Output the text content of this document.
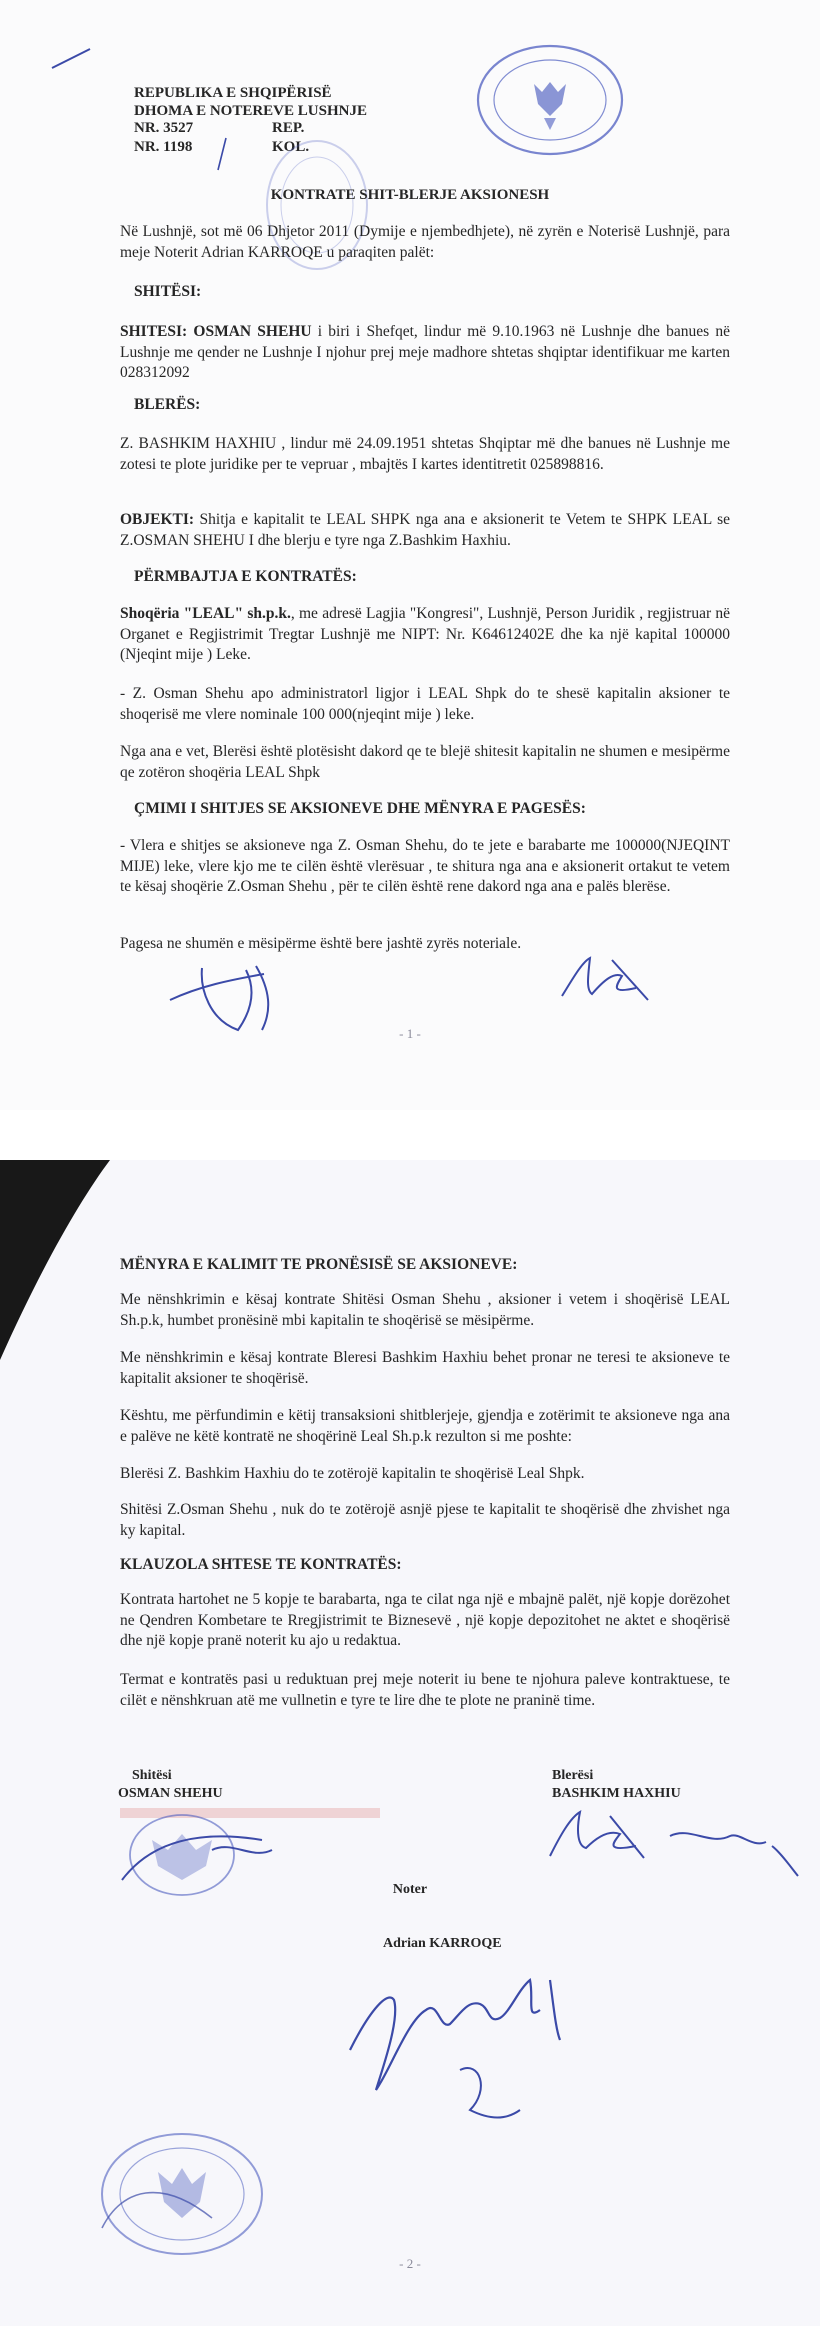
REPUBLIKA E SHQIPËRISË
DHOMA E NOTEREVE LUSHNJE
NR. 3527	REP.
NR. 1198	KOL.
KONTRATE SHIT-BLERJE AKSIONESH

Në Lushnjë, sot më 06 Dhjetor 2011 (Dymije e njembedhjete), në zyrën e Noterisë Lushnjë, para meje Noterit Adrian KARROQE u paraqiten palët:

SHITËSI:

SHITESI: OSMAN SHEHU i biri i Shefqet, lindur më 9.10.1963 në Lushnje dhe banues në Lushnje me qender ne Lushnje I njohur prej meje madhore shtetas shqiptar identifikuar me karten 028312092

BLERËS:

Z. BASHKIM HAXHIU , lindur më 24.09.1951 shtetas Shqiptar më dhe banues në Lushnje me zotesi te plote juridike per te vepruar , mbajtës I kartes identitretit 025898816.

OBJEKTI: Shitja e kapitalit te LEAL SHPK nga ana e aksionerit te Vetem te SHPK LEAL se Z.OSMAN SHEHU I dhe blerju e tyre nga Z.Bashkim Haxhiu.

PËRMBAJTJA E KONTRATËS:

Shoqëria "LEAL" sh.p.k., me adresë Lagjia "Kongresi", Lushnjë, Person Juridik , regjistruar në Organet e Regjistrimit Tregtar Lushnjë me NIPT: Nr. K64612402E dhe ka një kapital 100000 (Njeqint mije ) Leke.

- Z. Osman Shehu apo administratorl ligjor i LEAL Shpk do te shesë kapitalin aksioner te shoqerisë me vlere nominale 100 000(njeqint mije ) leke.

Nga ana e vet, Blerësi është plotësisht dakord qe te blejë shitesit kapitalin ne shumen e mesipërme qe zotëron shoqëria LEAL Shpk

ÇMIMI I SHITJES SE AKSIONEVE DHE MËNYRA E PAGESËS:

- Vlera e shitjes se aksioneve nga Z. Osman Shehu, do te jete e barabarte me 100000(NJEQINT MIJE) leke, vlere kjo me te cilën është vlerësuar , te shitura nga ana e aksionerit ortakut te vetem te kësaj shoqërie Z.Osman Shehu , për te cilën është rene dakord nga ana e palës blerëse.

Pagesa ne shumën e mësipërme është bere jashtë zyrës noteriale.

- 1 -
MËNYRA E KALIMIT TE PRONËSISË SE AKSIONEVE:

Me nënshkrimin e kësaj kontrate Shitësi Osman Shehu , aksioner i vetem i shoqërisë LEAL Sh.p.k, humbet pronësinë mbi kapitalin te shoqërisë se mësipërme.

Me nënshkrimin e kësaj kontrate Bleresi Bashkim Haxhiu behet pronar ne teresi te aksioneve te kapitalit aksioner te shoqërisë.

Kështu, me përfundimin e këtij transaksioni shitblerjeje, gjendja e zotërimit te aksioneve nga ana e palëve ne këtë kontratë ne shoqërinë Leal Sh.p.k rezulton si me poshte:

Blerësi Z. Bashkim Haxhiu do te zotërojë kapitalin te shoqërisë Leal Shpk.

Shitësi Z.Osman Shehu , nuk do te zotërojë asnjë pjese te kapitalit te shoqërisë dhe zhvishet nga ky kapital.

KLAUZOLA SHTESE TE KONTRATËS:

Kontrata hartohet ne 5 kopje te barabarta, nga te cilat nga një e mbajnë palët, një kopje dorëzohet ne Qendren Kombetare te Rregjistrimit te Biznesevë , një kopje depozitohet ne aktet e shoqërisë dhe një kopje pranë noterit ku ajo u redaktua.

Termat e kontratës pasi u reduktuan prej meje noterit iu bene te njohura paleve kontraktuese, te cilët e nënshkruan atë me vullnetin e tyre te lire dhe te plote ne praninë time.

Shitësi
OSMAN SHEHU
Blerësi
BASHKIM HAXHIU
Noter
Adrian KARROQE
- 2 -
